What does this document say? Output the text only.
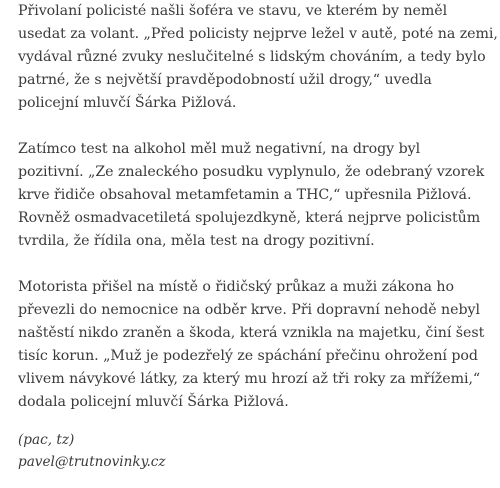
Přivolaní policisté našli šoféra ve stavu, ve kterém by neměl
usedat za volant. „Před policisty nejprve ležel v autě, poté na zemi,
vydával různé zvuky neslučitelné s lidským chováním, a tedy bylo
patrné, že s největší pravděpodobností užil drogy,“ uvedla
policejní mluvčí Šárka Pižlová.

Zatímco test na alkohol měl muž negativní, na drogy byl
pozitivní. „Ze znaleckého posudku vyplynulo, že odebraný vzorek
krve řidiče obsahoval metamfetamin a THC,“ upřesnila Pižlová.
Rovněž osmadvacetiletá spolujezdkyně, která nejprve policistům
tvrdila, že řídila ona, měla test na drogy pozitivní.

Motorista přišel na místě o řidičský průkaz a muži zákona ho
převezli do nemocnice na odběr krve. Při dopravní nehodě nebyl
naštěstí nikdo zraněn a škoda, která vznikla na majetku, činí šest
tisíc korun. „Muž je podezřelý ze spáchání přečinu ohrožení pod
vlivem návykové látky, za který mu hrozí až tři roky za mřížemi,“
dodala policejní mluvčí Šárka Pižlová.

(pac, tz)
pavel@trutnovinky.cz
